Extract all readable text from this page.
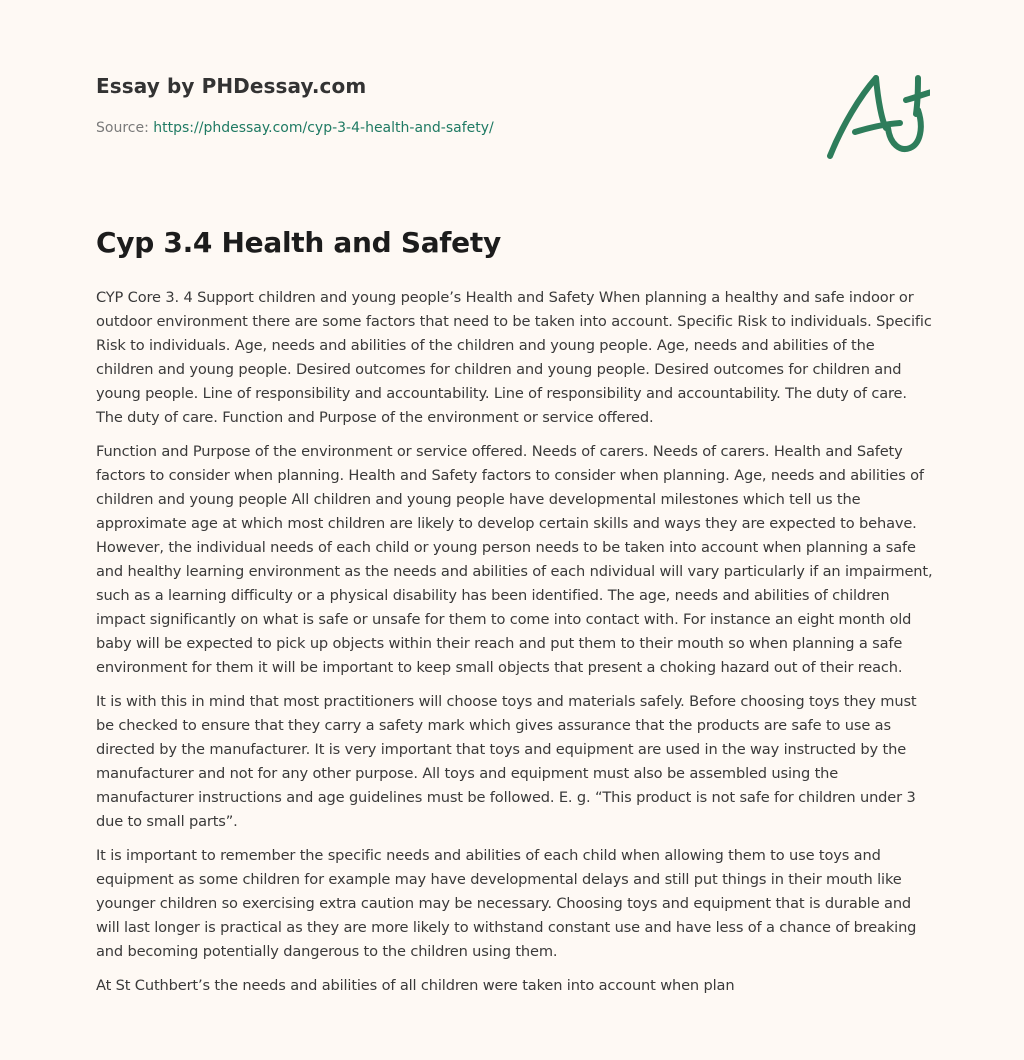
Essay by PHDessay.com
Source: https://phdessay.com/cyp-3-4-health-and-safety/
Cyp 3.4 Health and Safety

CYP Core 3. 4 Support children and young people’s Health and Safety When planning a healthy and safe indoor or outdoor environment there are some factors that need to be taken into account. Specific Risk to individuals. Specific Risk to individuals. Age, needs and abilities of the children and young people. Age, needs and abilities of the children and young people. Desired outcomes for children and young people. Desired outcomes for children and young people. Line of responsibility and accountability. Line of responsibility and accountability. The duty of care. The duty of care. Function and Purpose of the environment or service offered.

Function and Purpose of the environment or service offered. Needs of carers. Needs of carers. Health and Safety factors to consider when planning. Health and Safety factors to consider when planning. Age, needs and abilities of children and young people All children and young people have developmental milestones which tell us the approximate age at which most children are likely to develop certain skills and ways they are expected to behave. However, the individual needs of each child or young person needs to be taken into account when planning a safe and healthy learning environment as the needs and abilities of each ndividual will vary particularly if an impairment, such as a learning difficulty or a physical disability has been identified. The age, needs and abilities of children impact significantly on what is safe or unsafe for them to come into contact with. For instance an eight month old baby will be expected to pick up objects within their reach and put them to their mouth so when planning a safe environment for them it will be important to keep small objects that present a choking hazard out of their reach.

It is with this in mind that most practitioners will choose toys and materials safely. Before choosing toys they must be checked to ensure that they carry a safety mark which gives assurance that the products are safe to use as directed by the manufacturer. It is very important that toys and equipment are used in the way instructed by the manufacturer and not for any other purpose. All toys and equipment must also be assembled using the manufacturer instructions and age guidelines must be followed. E. g. “This product is not safe for children under 3 due to small parts”.

It is important to remember the specific needs and abilities of each child when allowing them to use toys and equipment as some children for example may have developmental delays and still put things in their mouth like younger children so exercising extra caution may be necessary. Choosing toys and equipment that is durable and will last longer is practical as they are more likely to withstand constant use and have less of a chance of breaking and becoming potentially dangerous to the children using them.

At St Cuthbert’s the needs and abilities of all children were taken into account when plan
